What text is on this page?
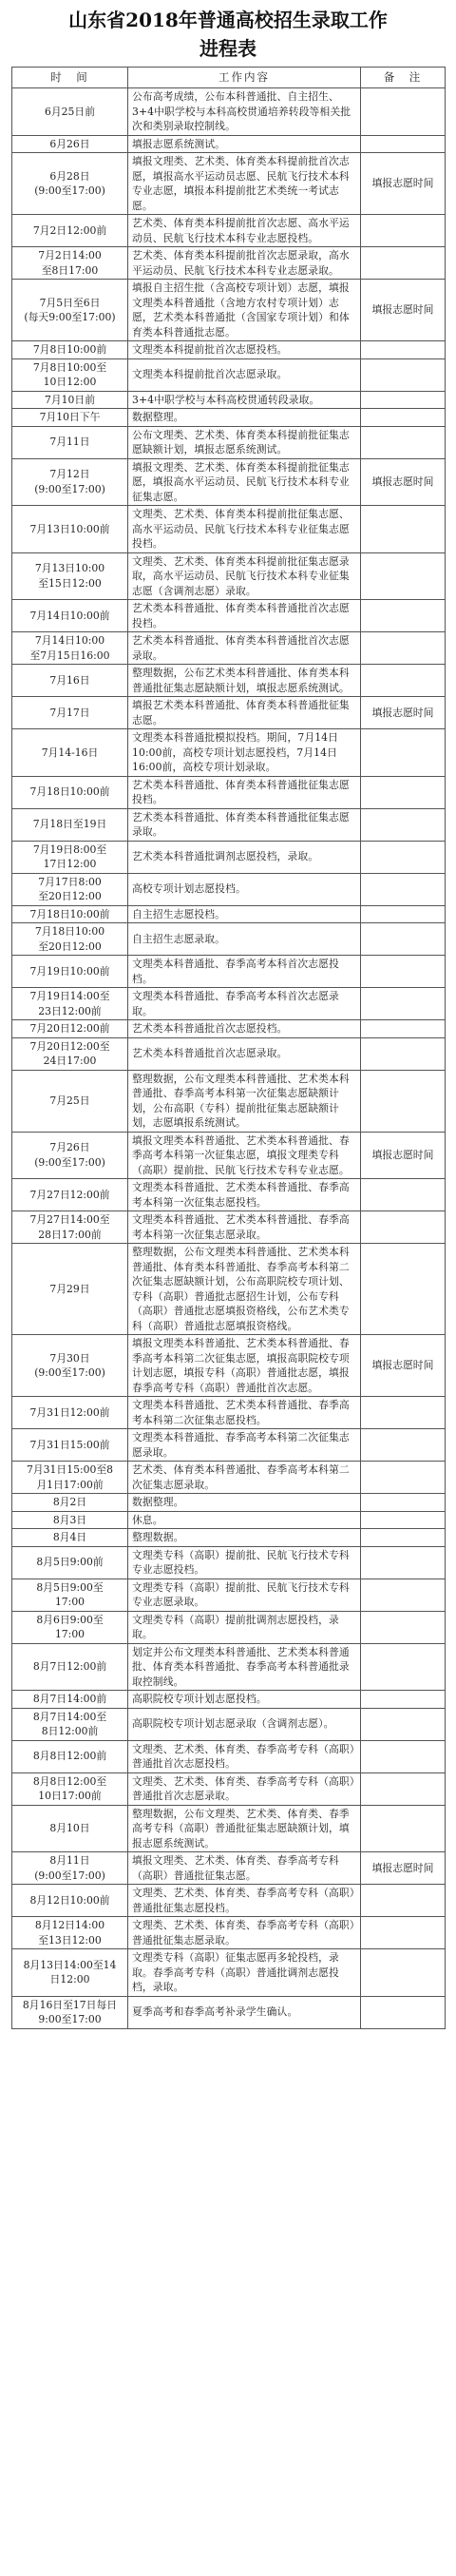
山东省2018年普通高校招生录取工作
进程表
时　间	工作内容	备　注
6月25日前	公布高考成绩，公布本科普通批、自主招生、3+4中职学校与本科高校贯通培养转段等相关批次和类别录取控制线。	
6月26日	填报志愿系统测试。	
6月28日
(9:00至17:00)	填报文理类、艺术类、体育类本科提前批首次志愿，填报高水平运动员志愿、民航飞行技术本科专业志愿，填报本科提前批艺术类统一考试志愿。	填报志愿时间
7月2日12:00前	艺术类、体育类本科提前批首次志愿、高水平运动员、民航飞行技术本科专业志愿投档。	
7月2日14:00
至8日17:00	艺术类、体育类本科提前批首次志愿录取，高水平运动员、民航飞行技术本科专业志愿录取。	
7月5日至6日
(每天9:00至17:00)	填报自主招生批（含高校专项计划）志愿，填报文理类本科普通批（含地方农村专项计划）志愿，艺术类本科普通批（含国家专项计划）和体育类本科普通批志愿。	填报志愿时间
7月8日10:00前	文理类本科提前批首次志愿投档。	
7月8日10:00至
10日12:00	文理类本科提前批首次志愿录取。	
7月10日前	3+4中职学校与本科高校贯通转段录取。	
7月10日下午	数据整理。	
7月11日	公布文理类、艺术类、体育类本科提前批征集志愿缺额计划，填报志愿系统测试。	
7月12日
(9:00至17:00)	填报文理类、艺术类、体育类本科提前批征集志愿，填报高水平运动员、民航飞行技术本科专业征集志愿。	填报志愿时间
7月13日10:00前	文理类、艺术类、体育类本科提前批征集志愿、高水平运动员、民航飞行技术本科专业征集志愿投档。	
7月13日10:00
至15日12:00	文理类、艺术类、体育类本科提前批征集志愿录取，高水平运动员、民航飞行技术本科专业征集志愿（含调剂志愿）录取。	
7月14日10:00前	艺术类本科普通批、体育类本科普通批首次志愿投档。	
7月14日10:00
至7月15日16:00	艺术类本科普通批、体育类本科普通批首次志愿录取。	
7月16日	整理数据，公布艺术类本科普通批、体育类本科普通批征集志愿缺额计划，填报志愿系统测试。	
7月17日	填报艺术类本科普通批、体育类本科普通批征集志愿。	填报志愿时间
7月14-16日	文理类本科普通批模拟投档。期间，7月14日10:00前，高校专项计划志愿投档，7月14日16:00前，高校专项计划录取。	
7月18日10:00前	艺术类本科普通批、体育类本科普通批征集志愿投档。	
7月18日至19日	艺术类本科普通批、体育类本科普通批征集志愿录取。	
7月19日8:00至
17日12:00	艺术类本科普通批调剂志愿投档，录取。	
7月17日8:00
至20日12:00	高校专项计划志愿投档。	
7月18日10:00前	自主招生志愿投档。	
7月18日10:00
至20日12:00	自主招生志愿录取。	
7月19日10:00前	文理类本科普通批、春季高考本科首次志愿投档。	
7月19日14:00至
23日12:00前	文理类本科普通批、春季高考本科首次志愿录取。	
7月20日12:00前	艺术类本科普通批首次志愿投档。	
7月20日12:00至
24日17:00	艺术类本科普通批首次志愿录取。	
7月25日	整理数据，公布文理类本科普通批、艺术类本科普通批、春季高考本科第一次征集志愿缺额计划，公布高职（专科）提前批征集志愿缺额计划，志愿填报系统测试。	
7月26日
(9:00至17:00)	填报文理类本科普通批、艺术类本科普通批、春季高考本科第一次征集志愿，填报文理类专科（高职）提前批、民航飞行技术专科专业志愿。	填报志愿时间
7月27日12:00前	文理类本科普通批、艺术类本科普通批、春季高考本科第一次征集志愿投档。	
7月27日14:00至
28日17:00前	文理类本科普通批、艺术类本科普通批、春季高考本科第一次征集志愿录取。	
7月29日	整理数据，公布文理类本科普通批、艺术类本科普通批、体育类本科普通批、春季高考本科第二次征集志愿缺额计划，公布高职院校专项计划、专科（高职）普通批志愿招生计划，公布专科（高职）普通批志愿填报资格线，公布艺术类专科（高职）普通批志愿填报资格线。	
7月30日
(9:00至17:00)	填报文理类本科普通批、艺术类本科普通批、春季高考本科第二次征集志愿，填报高职院校专项计划志愿，填报专科（高职）普通批志愿，填报春季高考专科（高职）普通批首次志愿。	填报志愿时间
7月31日12:00前	文理类本科普通批、艺术类本科普通批、春季高考本科第二次征集志愿投档。	
7月31日15:00前	文理类本科普通批、春季高考本科第二次征集志愿录取。	
7月31日15:00至8
月1日17:00前	艺术类、体育类本科普通批、春季高考本科第二次征集志愿录取。	
8月2日	数据整理。	
8月3日	休息。	
8月4日	整理数据。	
8月5日9:00前	文理类专科（高职）提前批、民航飞行技术专科专业志愿投档。	
8月5日9:00至
17:00	文理类专科（高职）提前批、民航飞行技术专科专业志愿录取。	
8月6日9:00至
17:00	文理类专科（高职）提前批调剂志愿投档，录取。	
8月7日12:00前	划定并公布文理类本科普通批、艺术类本科普通批、体育类本科普通批、春季高考本科普通批录取控制线。	
8月7日14:00前	高职院校专项计划志愿投档。	
8月7日14:00至
8日12:00前	高职院校专项计划志愿录取（含调剂志愿）。	
8月8日12:00前	文理类、艺术类、体育类、春季高考专科（高职）普通批首次志愿投档。	
8月8日12:00至
10日17:00前	文理类、艺术类、体育类、春季高考专科（高职）普通批首次志愿录取。	
8月10日	整理数据，公布文理类、艺术类、体育类、春季高考专科（高职）普通批征集志愿缺额计划，填报志愿系统测试。	
8月11日
(9:00至17:00)	填报文理类、艺术类、体育类、春季高考专科（高职）普通批征集志愿。	填报志愿时间
8月12日10:00前	文理类、艺术类、体育类、春季高考专科（高职）普通批征集志愿投档。	
8月12日14:00
至13日12:00	文理类、艺术类、体育类、春季高考专科（高职）普通批征集志愿录取。	
8月13日14:00至14
日12:00	文理类专科（高职）征集志愿再多轮投档，录取。春季高考专科（高职）普通批调剂志愿投档，录取。	
8月16日至17日每日
9:00至17:00	夏季高考和春季高考补录学生确认。	
